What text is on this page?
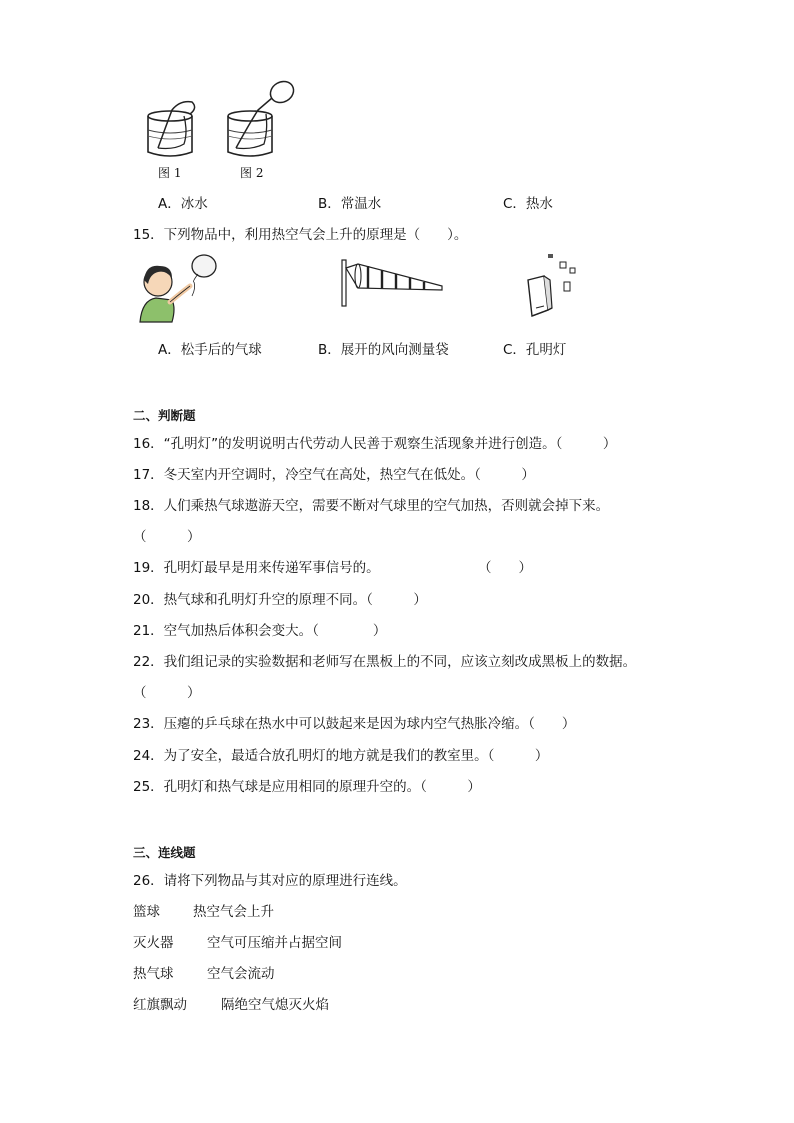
图 1	图 2
A．冰水	B．常温水	C．热水
15．下列物品中，利用热空气会上升的原理是（　　）。
A．松手后的气球	B．展开的风向测量袋	C．孔明灯
二、判断题
16．“孔明灯”的发明说明古代劳动人民善于观察生活现象并进行创造。（　　　）
17．冬天室内开空调时，冷空气在高处，热空气在低处。（　　　）
18．人们乘热气球遨游天空，需要不断对气球里的空气加热，否则就会掉下来。
（　　　）
19．孔明灯最早是用来传递军事信号的。	（　　）
20．热气球和孔明灯升空的原理不同。（　　　）
21．空气加热后体积会变大。（　　　　）
22．我们组记录的实验数据和老师写在黑板上的不同，应该立刻改成黑板上的数据。
（　　　）
23．压瘪的乒乓球在热水中可以鼓起来是因为球内空气热胀冷缩。（　　）
24．为了安全，最适合放孔明灯的地方就是我们的教室里。（　　　）
25．孔明灯和热气球是应用相同的原理升空的。（　　　）
三、连线题
26．请将下列物品与其对应的原理进行连线。
篮球 热空气会上升
灭火器 空气可压缩并占据空间
热气球 空气会流动
红旗飘动	隔绝空气熄灭火焰
